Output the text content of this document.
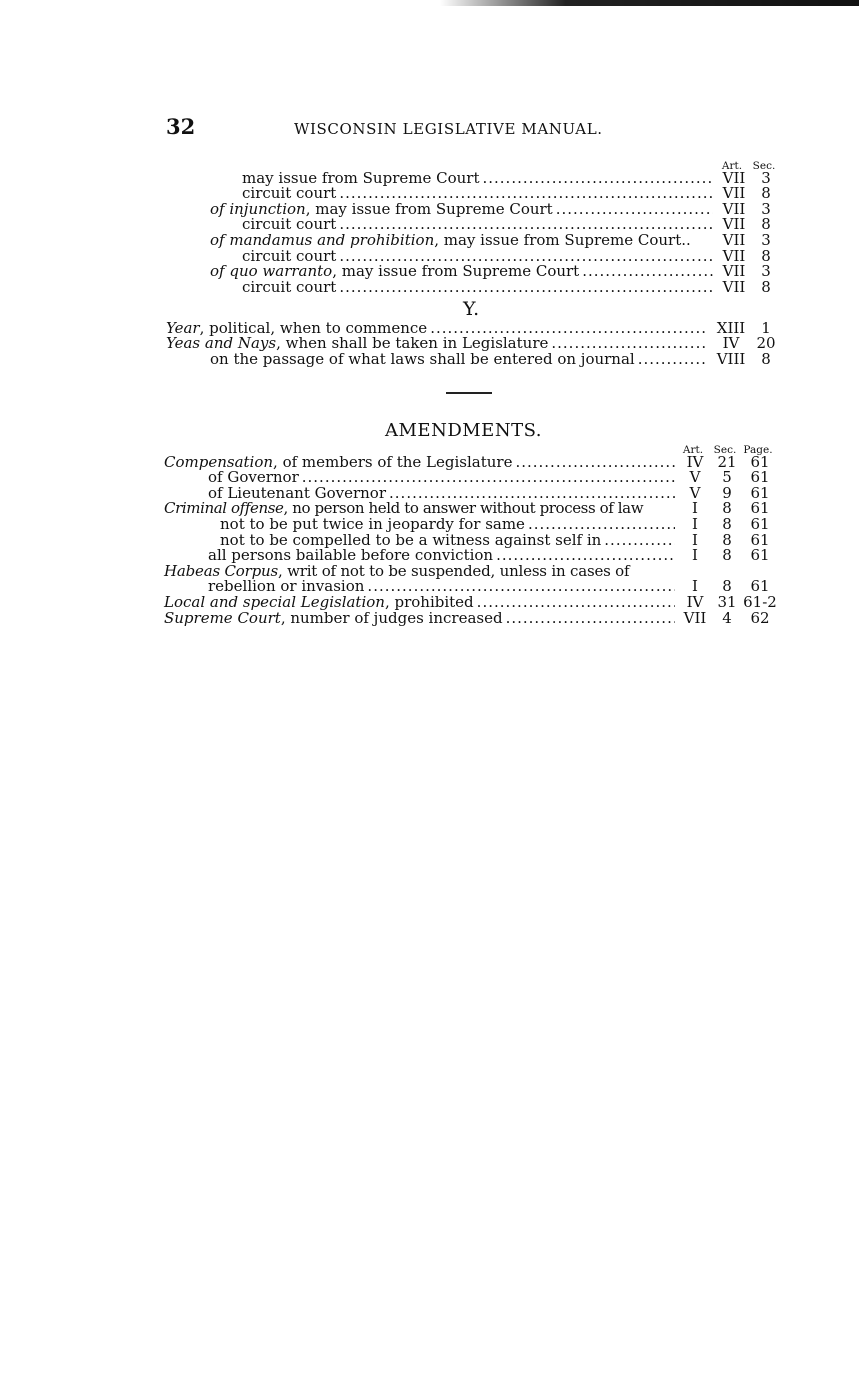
32	WISCONSIN LEGISLATIVE MANUAL.
Art.	Sec.
may issue from Supreme Court .....	VII	3
circuit court .....	VII	8
of injunction, may issue from Supreme Court .....	VII	3
circuit court .....	VII	8
of mandamus and prohibition, may issue from Supreme Court..	VII	3
circuit court .....	VII	8
of quo warranto, may issue from Supreme Court .....	VII	3
circuit court .....	VII	8
Y.
Year, political, when to commence .....	XIII	1
Yeas and Nays, when shall be taken in Legislature .....	IV	20
on the passage of what laws shall be entered on journal .....	VIII	8
AMENDMENTS.
Art.	Sec. Page.
Compensation, of members of the Legislature .....	IV 21 61
of Governor .....	V	5	61
of Lieutenant Governor .....	V	9	61
Criminal offense, no person held to answer without process of law	I	8	61
not to be put twice in jeopardy for same .....	I	8	61
not to be compelled to be a witness against self in .....	I	8	61
all persons bailable before conviction .....	I	8	61
Habeas Corpus, writ of not to be suspended, unless in cases of
rebellion or invasion .....	I	8	61
Local and special Legislation, prohibited .....	IV 31 61-2
Supreme Court, number of judges increased .....	VII	4	62
